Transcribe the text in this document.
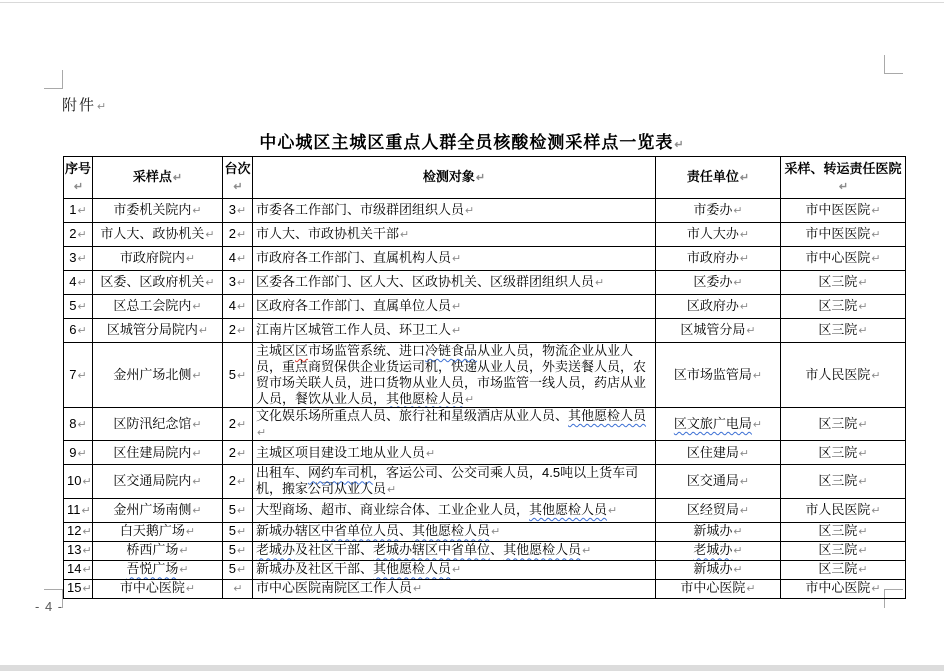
附件↵
中心城区主城区重点人群全员核酸检测采样点一览表↵
序号↵	采样点↵	台次↵	检测对象↵	责任单位↵	采样、转运责任医院↵
1↵	市委机关院内↵	3↵	市委各工作部门、市级群团组织人员↵	市委办↵	市中医医院↵
2↵	市人大、政协机关↵	2↵	市人大、市政协机关干部↵	市人大办↵	市中医医院↵
3↵	市政府院内↵	4↵	市政府各工作部门、直属机构人员↵	市政府办↵	市中心医院↵
4↵	区委、区政府机关↵	3↵	区委各工作部门、区人大、区政协机关、区级群团组织人员↵	区委办↵	区三院↵
5↵	区总工会院内↵	4↵	区政府各工作部门、直属单位人员↵	区政府办↵	区三院↵
6↵	区城管分局院内↵	2↵	江南片区城管工作人员、环卫工人↵	区城管分局↵	区三院↵
7↵	金州广场北侧↵	5↵	主城区区市场监管系统、进口冷链食品从业人员，物流企业从业人员，重点商贸保供企业货运司机，快递从业人员，外卖送餐人员，农贸市场关联人员，进口货物从业人员，市场监管一线人员，药店从业人员，餐饮从业人员，其他愿检人员↵	区市场监管局↵	市人民医院↵
8↵	区防汛纪念馆↵	2↵	文化娱乐场所重点人员、旅行社和星级酒店从业人员、其他愿检人员↵	区文旅广电局↵	区三院↵
9↵	区住建局院内↵	2↵	主城区项目建设工地从业人员↵	区住建局↵	区三院↵
10↵	区交通局院内↵	2↵	出租车、网约车司机，客运公司、公交司乘人员，4.5吨以上货车司机，搬家公司从业人员↵	区交通局↵	区三院↵
11↵	金州广场南侧↵	5↵	大型商场、超市、商业综合体、工业企业人员，其他愿检人员↵	区经贸局↵	市人民医院↵
12↵	白天鹅广场↵	5↵	新城办辖区中省单位人员、其他愿检人员↵	新城办↵	区三院↵
13↵	桥西广场↵	5↵	老城办及社区干部、老城办辖区中省单位、其他愿检人员↵	老城办↵	区三院↵
14↵	吾悦广场↵	5↵	新城办及社区干部、其他愿检人员↵	新城办↵	区三院↵
15↵	市中心医院↵	↵	市中心医院南院区工作人员↵	市中心医院↵	市中心医院↵
- 4 -
